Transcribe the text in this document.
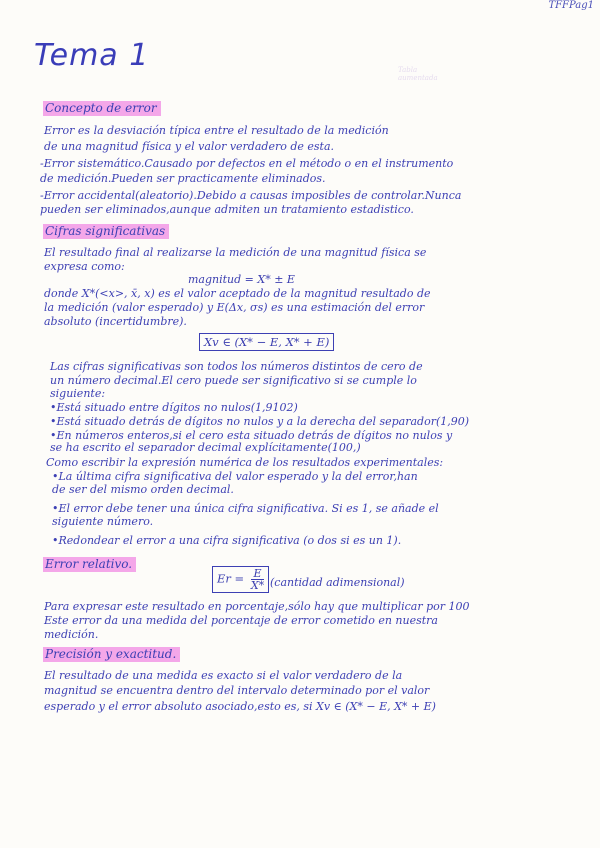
TFFPag1
Tema 1	Tabla aumentada
Concepto de error
Error es la desviación típica entre el resultado de la medición
de una magnitud física y el valor verdadero de esta.
-Error sistemático.Causado por defectos en el método o en el instrumento
de medición.Pueden ser practicamente eliminados.
-Error accidental(aleatorio).Debido a causas imposibles de controlar.Nunca
pueden ser eliminados,aunque admiten un tratamiento estadistico.
Cifras significativas
El resultado final al realizarse la medición de una magnitud física se
expresa como:
magnitud = X* ± E
donde X*(<x>, x̄, x) es el valor aceptado de la magnitud resultado de
la medición (valor esperado) y E(Δx, σs) es una estimación del error
absoluto (incertidumbre).
Xv ∈ (X* − E, X* + E)
Las cifras significativas son todos los números distintos de cero de
un número decimal.El cero puede ser significativo si se cumple lo
siguiente:
•Está situado entre dígitos no nulos(1,9102)
•Está situado detrás de dígitos no nulos y a la derecha del separador(1,90)
•En números enteros,si el cero esta situado detrás de dígitos no nulos y
se ha escrito el separador decimal explícitamente(100,)
Como escribir la expresión numérica de los resultados experimentales:
•La última cifra significativa del valor esperado y la del error,han
de ser del mismo orden decimal.
•El error debe tener una única cifra significativa. Si es 1, se añade el
siguiente número.
•Redondear el error a una cifra significativa (o dos si es un 1).
Error relativo.
$Er = \frac{E}{X*}$ (cantidad adimensional)
Para expresar este resultado en porcentaje,sólo hay que multiplicar por 100
Este error da una medida del porcentaje de error cometido en nuestra
medición.
Precisión y exactitud.
El resultado de una medida es exacto si el valor verdadero de la
magnitud se encuentra dentro del intervalo determinado por el valor
esperado y el error absoluto asociado,esto es, si Xv ∈ (X* − E, X* + E)
